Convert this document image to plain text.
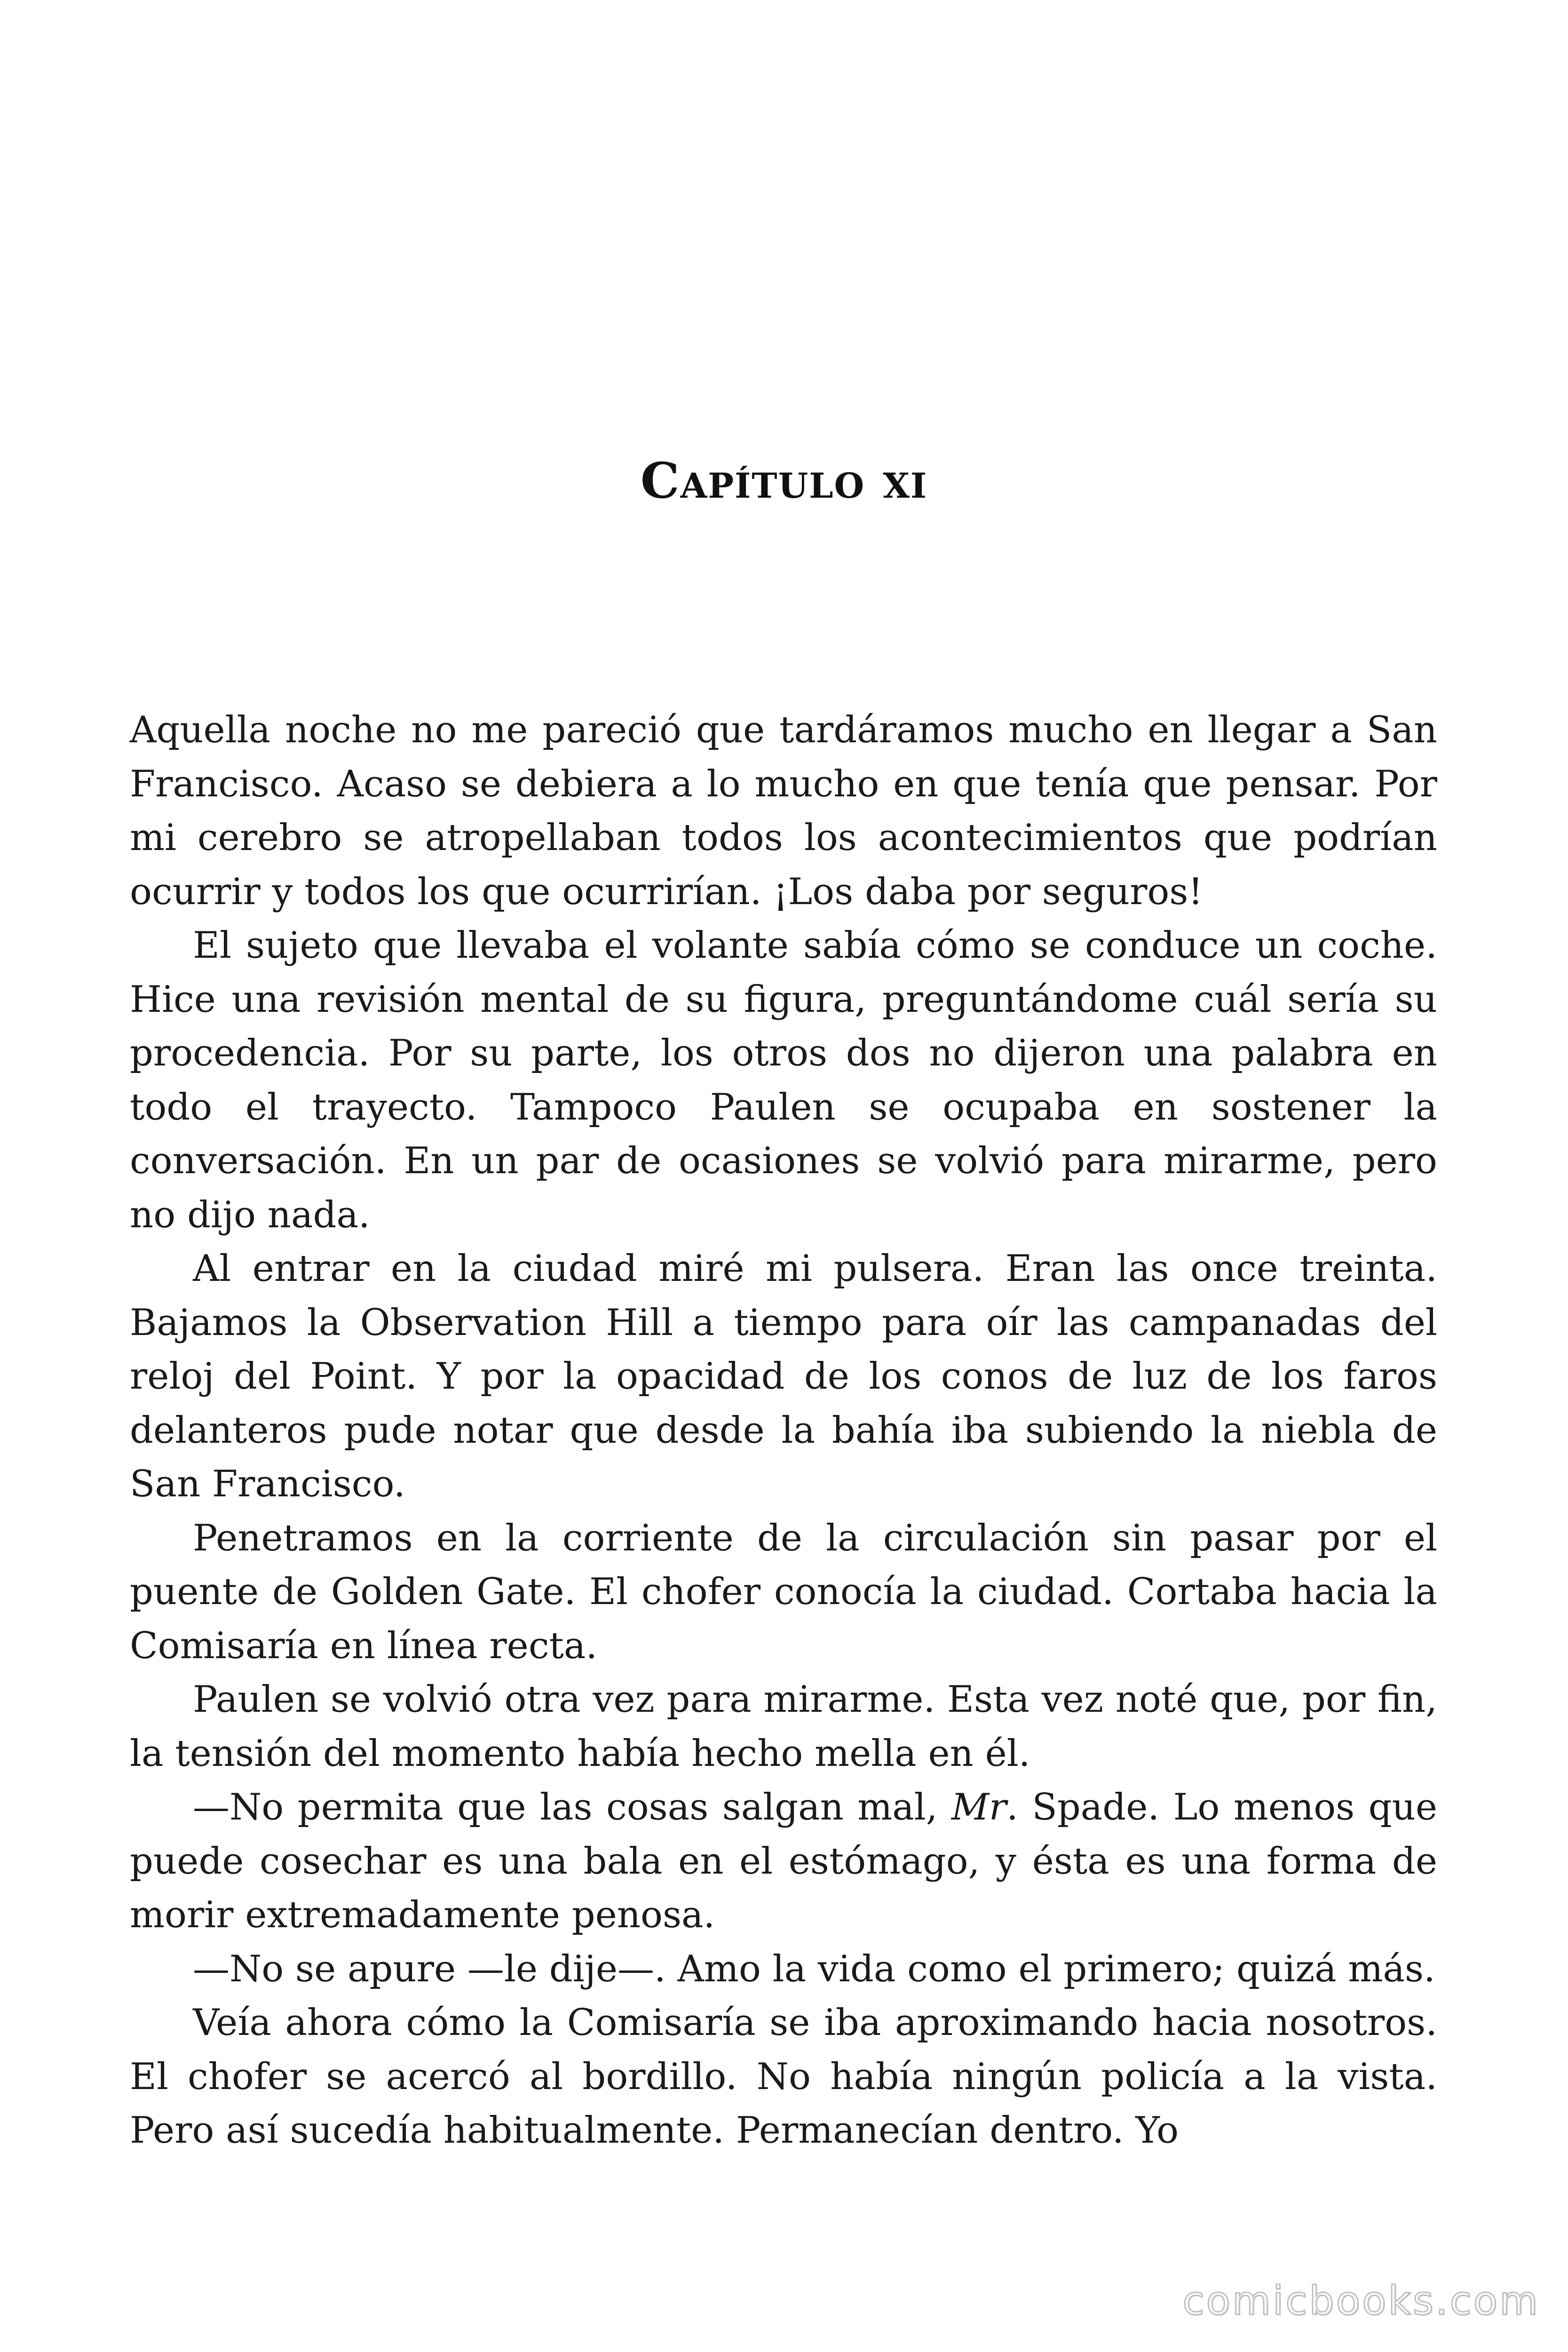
Capítulo xi

Aquella noche no me pareció que tardáramos mucho en llegar a San Francisco. Acaso se debiera a lo mucho en que tenía que pensar. Por mi cerebro se atropellaban todos los acontecimientos que podrían ocurrir y todos los que ocurrirían. ¡Los daba por seguros!

El sujeto que llevaba el volante sabía cómo se conduce un coche. Hice una revisión mental de su figura, preguntándome cuál sería su procedencia. Por su parte, los otros dos no dijeron una palabra en todo el trayecto. Tampoco Paulen se ocupaba en sostener la conversación. En un par de ocasiones se volvió para mirarme, pero no dijo nada.

Al entrar en la ciudad miré mi pulsera. Eran las once treinta. Bajamos la Observation Hill a tiempo para oír las campanadas del reloj del Point. Y por la opacidad de los conos de luz de los faros delanteros pude notar que desde la bahía iba subiendo la niebla de San Francisco.

Penetramos en la corriente de la circulación sin pasar por el puente de Golden Gate. El chofer conocía la ciudad. Cortaba hacia la Comisaría en línea recta.

Paulen se volvió otra vez para mirarme. Esta vez noté que, por fin, la tensión del momento había hecho mella en él.

—No permita que las cosas salgan mal, Mr. Spade. Lo menos que puede cosechar es una bala en el estómago, y ésta es una forma de morir extremadamente penosa.

—No se apure —le dije—. Amo la vida como el primero; quizá más.

Veía ahora cómo la Comisaría se iba aproximando hacia nosotros. El chofer se acercó al bordillo. No había ningún policía a la vista. Pero así sucedía habitualmente. Permanecían dentro. Yo

comicbooks.com
